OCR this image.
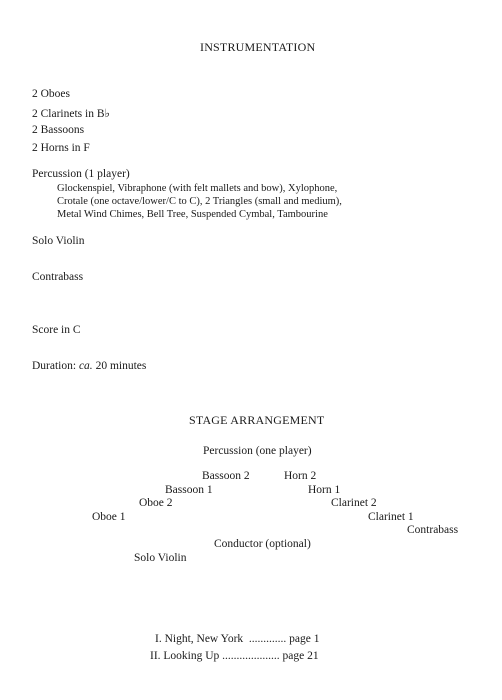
INSTRUMENTATION
2 Oboes
2 Clarinets in B♭
2 Bassoons
2 Horns in F
Percussion (1 player)
Glockenspiel, Vibraphone (with felt mallets and bow), Xylophone,
Crotale (one octave/lower/C to C), 2 Triangles (small and medium),
Metal Wind Chimes, Bell Tree, Suspended Cymbal, Tambourine
Solo Violin
Contrabass
Score in C
Duration: ca. 20 minutes
STAGE ARRANGEMENT
Percussion (one player)
Bassoon 2	Horn 2
Bassoon 1	Horn 1
Oboe 2	Clarinet 2
Oboe 1	Clarinet 1
Contrabass
Conductor (optional)
Solo Violin
I. Night, New York  ............. page 1
II. Looking Up .................... page 21
